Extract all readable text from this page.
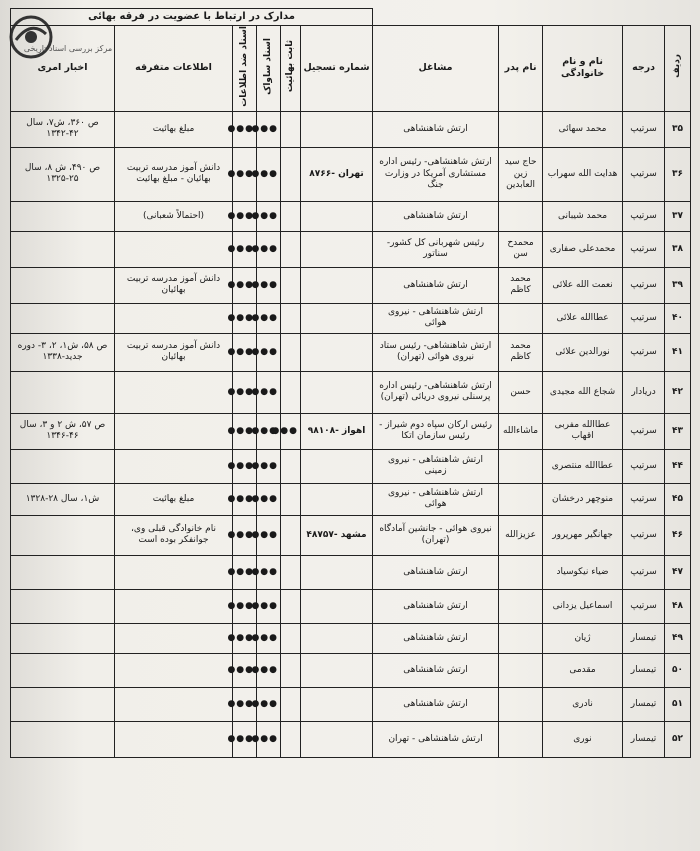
مرکز بررسی اسناد تاریخی
					مدارک در ارتباط با عضویت در فرقه بهائی					
ردیف	درجه	نام و نام خانوادگی	نام پدر	مشاغل	شماره تسجیل	ثابت بهائیت	اسناد ساواک	اسناد ضد اطلاعات	اطلاعات متفرقه	اخبار امری
۳۵	سرتیپ	محمد سهائی		ارتش شاهنشاهی			●●●	●●●	مبلغ بهائیت	ص ۳۶۰، ش۷، سال ۴۲-۱۳۴۲
۳۶	سرتیپ	هدایت الله سهراب	حاج سید زین العابدین	ارتش شاهنشاهی- رئیس اداره مستشاری آمریکا در وزارت جنگ	تهران -۸۷۶۶		●●●	●●●	دانش آموز مدرسه تربیت بهائیان - مبلغ بهائیت	ص ۴۹۰، ش ۸، سال ۲۵-۱۳۲۵
۳۷	سرتیپ	محمد شیبانی		ارتش شاهنشاهی			●●●	●●●	(احتمالاً شعبانی)	
۳۸	سرتیپ	محمدعلی صفاری	محمدح سن	رئیس شهربانی کل کشور- سناتور			●●●	●●●		
۳۹	سرتیپ	نعمت الله علائی	محمد کاظم	ارتش شاهنشاهی			●●●	●●●	دانش آموز مدرسه تربیت بهائیان	
۴۰	سرتیپ	عطاالله علائی		ارتش شاهنشاهی - نیروی هوائی			●●●	●●●		
۴۱	سرتیپ	نورالدین علائی	محمد کاظم	ارتش شاهنشاهی- رئیس ستاد نیروی هوائی (تهران)			●●●	●●●	دانش آموز مدرسه تربیت بهائیان	ص ۵۸، ش۱، ۲، ۳- دوره جدید-۱۳۳۸
۴۲	دریادار	شجاع الله مجیدی	حسن	ارتش شاهنشاهی- رئیس اداره پرسنلی نیروی دریائی (تهران)			●●●	●●●		
۴۳	سرتیپ	عطاالله مفربی اقهاب	ماشاءالله	رئیس ارکان سپاه دوم شیراز - رئیس سازمان اتکا	اهواز -۹۸۱۰۸	●●●	●●●	●●●		ص ۵۷، ش ۲ و ۳، سال ۴۶-۱۳۴۶
۴۴	سرتیپ	عطاالله منتصری		ارتش شاهنشاهی - نیروی زمینی			●●●	●●●		
۴۵	سرتیپ	منوچهر درخشان		ارتش شاهنشاهی - نیروی هوائی			●●●	●●●	مبلغ بهائیت	ش۱، سال ۲۸-۱۳۲۸
۴۶	سرتیپ	جهانگیر مهرپرور	عزیزالله	نیروی هوائی - جانشین آمادگاه (تهران)	مشهد -۴۸۷۵۷		●●●	●●●	نام خانوادگی قبلی وی، جوانفکر بوده است	
۴۷	سرتیپ	ضیاء نیکوسیاد		ارتش شاهنشاهی			●●●	●●●		
۴۸	سرتیپ	اسماعیل یزدانی		ارتش شاهنشاهی			●●●	●●●		
۴۹	تیمسار	ژیان		ارتش شاهنشاهی			●●●	●●●		
۵۰	تیمسار	مقدمی		ارتش شاهنشاهی			●●●	●●●		
۵۱	تیمسار	نادری		ارتش شاهنشاهی			●●●	●●●		
۵۲	تیمسار	نوری		ارتش شاهنشاهی - تهران			●●●	●●●		
